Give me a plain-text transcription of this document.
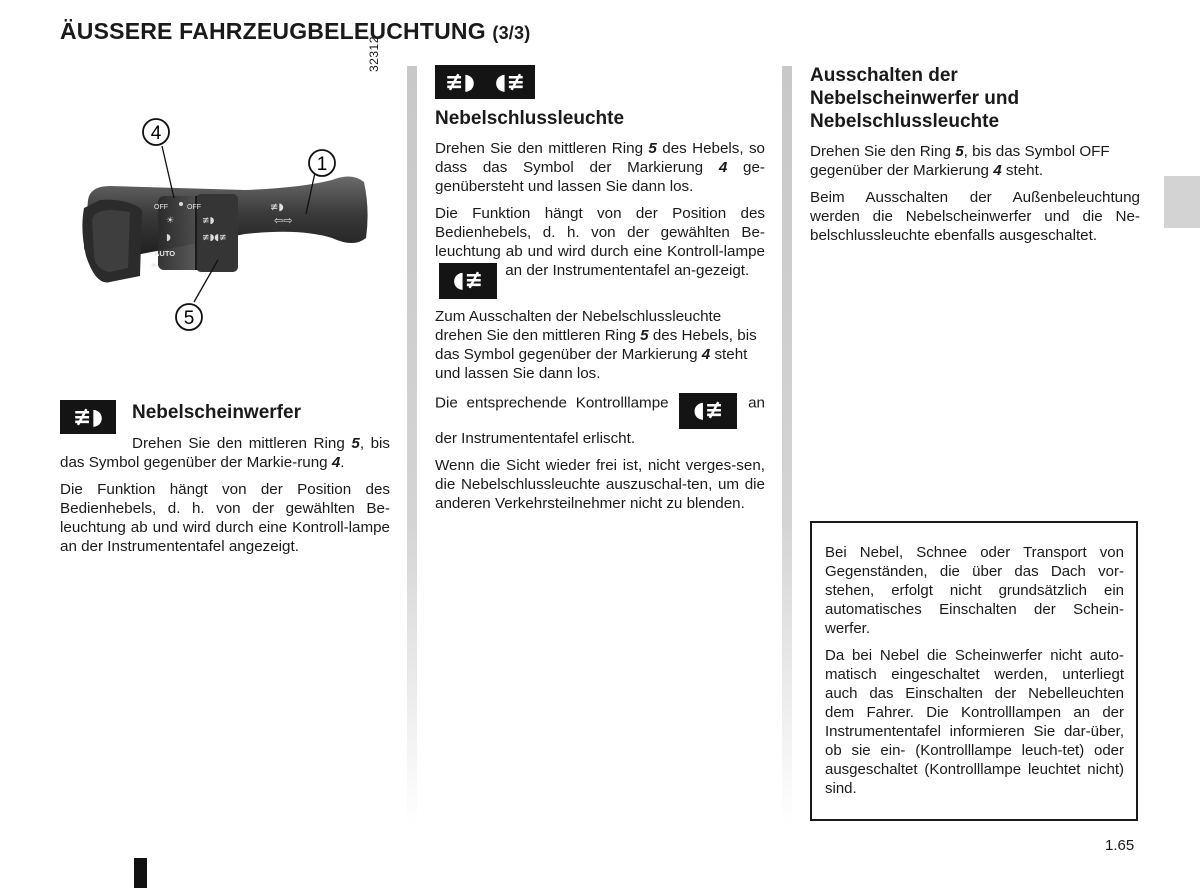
ÄUSSERE FAHRZEUGBELEUCHTUNG (3/3)
32312
OFF	OFF
AUTO
☀
◗
≢◗
≢◗◖≢
☀
≢◗
⇦⇨
4
1
5
≢◗	Nebelscheinwerfer

Drehen Sie den mittleren Ring 5, bis das Symbol gegenüber der Markie-rung 4.

Die Funktion hängt von der Position des Bedienhebels, d. h. von der gewählten Be-leuchtung ab und wird durch eine Kontroll-lampe an der Instrumententafel angezeigt.

≢◗ ◖≢
Nebelschlussleuchte

Drehen Sie den mittleren Ring 5 des Hebels, so dass das Symbol der Markierung 4 ge-genübersteht und lassen Sie dann los.

Die Funktion hängt von der Position des Bedienhebels, d. h. von der gewählten Be-leuchtung ab und wird durch eine Kontroll-lampe ◖≢ an der Instrumententafel an-gezeigt.

Zum Ausschalten der Nebelschlussleuchte drehen Sie den mittleren Ring 5 des Hebels, bis das Symbol gegenüber der Markierung 4 steht und lassen Sie dann los.

Die entsprechende Kontrolllampe ◖≢ an der Instrumententafel erlischt.

Wenn die Sicht wieder frei ist, nicht verges-sen, die Nebelschlussleuchte auszuschal-ten, um die anderen Verkehrsteilnehmer nicht zu blenden.

Ausschalten der Nebelscheinwerfer und Nebelschlussleuchte

Drehen Sie den Ring 5, bis das Symbol OFF gegenüber der Markierung 4 steht.

Beim Ausschalten der Außenbeleuchtung werden die Nebelscheinwerfer und die Ne-belschlussleuchte ebenfalls ausgeschaltet.

Bei Nebel, Schnee oder Transport von Gegenständen, die über das Dach vor-stehen, erfolgt nicht grundsätzlich ein automatisches Einschalten der Schein-werfer.

Da bei Nebel die Scheinwerfer nicht auto-matisch eingeschaltet werden, unterliegt auch das Einschalten der Nebelleuchten dem Fahrer. Die Kontrolllampen an der Instrumententafel informieren Sie dar-über, ob sie ein- (Kontrolllampe leuch-tet) oder ausgeschaltet (Kontrolllampe leuchtet nicht) sind.

1.65
